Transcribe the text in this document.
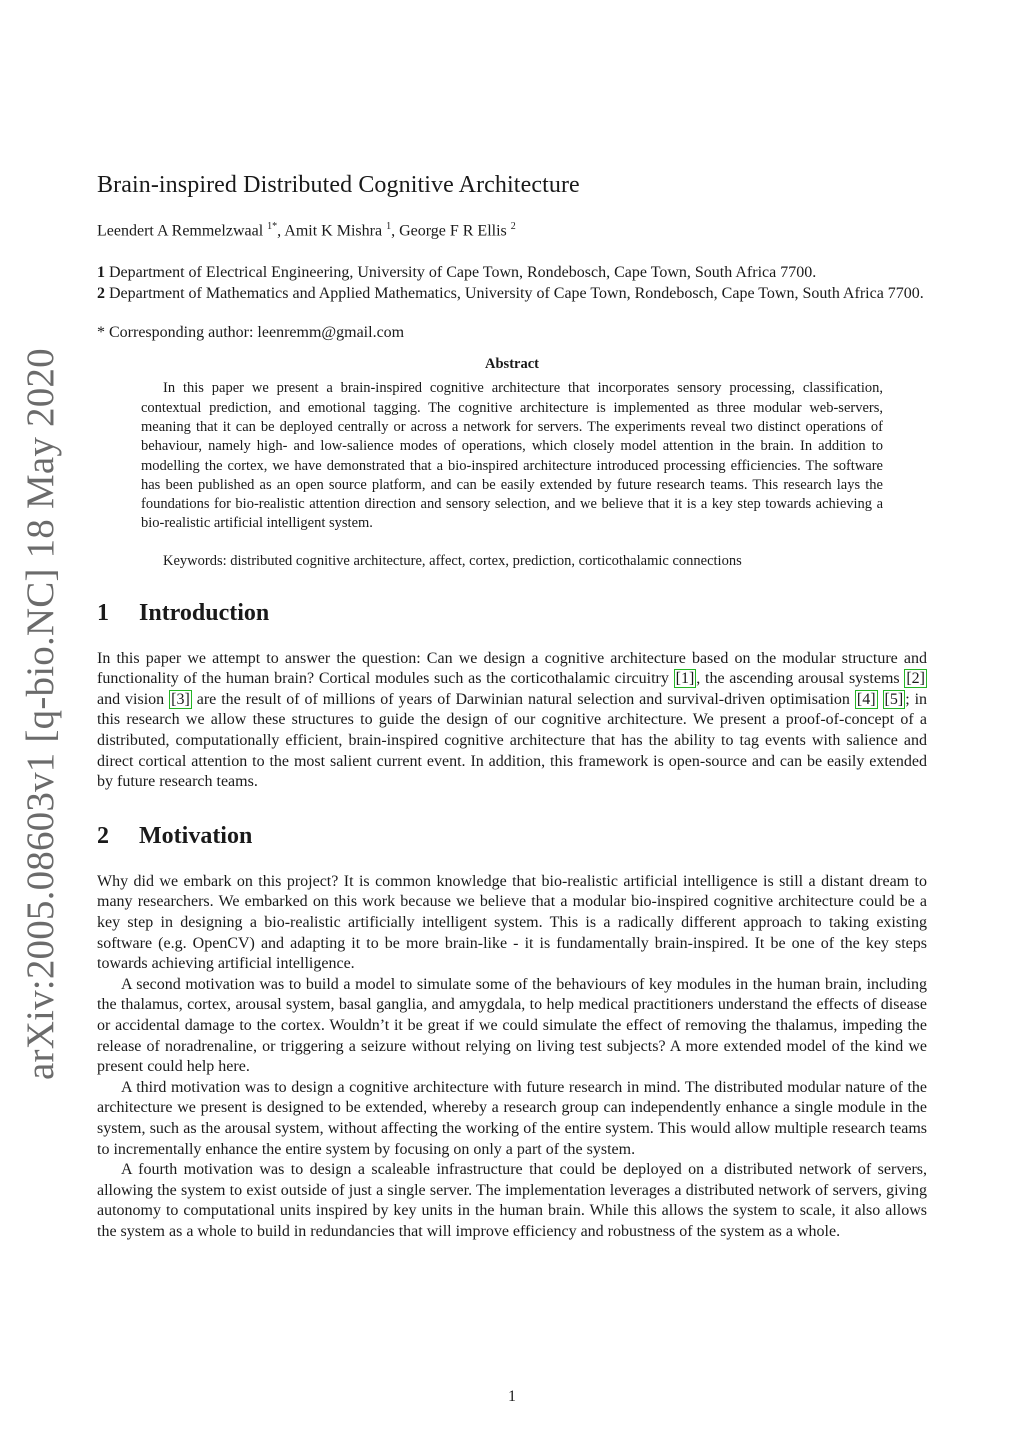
arXiv:2005.08603v1 [q-bio.NC] 18 May 2020
Brain-inspired Distributed Cognitive Architecture
Leendert A Remmelzwaal $^{1*}$, Amit K Mishra $^1$, George F R Ellis $^2$

1 Department of Electrical Engineering, University of Cape Town, Rondebosch, Cape Town, South Africa 7700.

2 Department of Mathematics and Applied Mathematics, University of Cape Town, Rondebosch, Cape Town, South Africa 7700.

* Corresponding author: leenremm@gmail.com

Abstract

In this paper we present a brain-inspired cognitive architecture that incorporates sensory processing, classification, contextual prediction, and emotional tagging. The cognitive architecture is implemented as three modular web-servers, meaning that it can be deployed centrally or across a network for servers. The experiments reveal two distinct operations of behaviour, namely high- and low-salience modes of operations, which closely model attention in the brain. In addition to modelling the cortex, we have demonstrated that a bio-inspired architecture introduced processing efficiencies. The software has been published as an open source platform, and can be easily extended by future research teams. This research lays the foundations for bio-realistic attention direction and sensory selection, and we believe that it is a key step towards achieving a bio-realistic artificial intelligent system.

Keywords: distributed cognitive architecture, affect, cortex, prediction, corticothalamic connections

1	Introduction

In this paper we attempt to answer the question: Can we design a cognitive architecture based on the modular structure and functionality of the human brain? Cortical modules such as the corticothalamic circuitry [1] , the ascending arousal systems [2] and vision [3] are the result of of millions of years of Darwinian natural selection and survival-driven optimisation [4] [5] ; in this research we allow these structures to guide the design of our cognitive architecture. We present a proof-of-concept of a distributed, computationally efficient, brain-inspired cognitive architecture that has the ability to tag events with salience and direct cortical attention to the most salient current event. In addition, this framework is open-source and can be easily extended by future research teams.

2	Motivation

Why did we embark on this project? It is common knowledge that bio-realistic artificial intelligence is still a distant dream to many researchers. We embarked on this work because we believe that a modular bio-inspired cognitive architecture could be a key step in designing a bio-realistic artificially intelligent system. This is a radically different approach to taking existing software (e.g. OpenCV) and adapting it to be more brain-like - it is fundamentally brain-inspired. It be one of the key steps towards achieving artificial intelligence.

A second motivation was to build a model to simulate some of the behaviours of key modules in the human brain, including the thalamus, cortex, arousal system, basal ganglia, and amygdala, to help medical practitioners understand the effects of disease or accidental damage to the cortex. Wouldn’t it be great if we could simulate the effect of removing the thalamus, impeding the release of noradrenaline, or triggering a seizure without relying on living test subjects? A more extended model of the kind we present could help here.

A third motivation was to design a cognitive architecture with future research in mind. The distributed modular nature of the architecture we present is designed to be extended, whereby a research group can independently enhance a single module in the system, such as the arousal system, without affecting the working of the entire system. This would allow multiple research teams to incrementally enhance the entire system by focusing on only a part of the system.

A fourth motivation was to design a scaleable infrastructure that could be deployed on a distributed network of servers, allowing the system to exist outside of just a single server. The implementation leverages a distributed network of servers, giving autonomy to computational units inspired by key units in the human brain. While this allows the system to scale, it also allows the system as a whole to build in redundancies that will improve efficiency and robustness of the system as a whole.

1
